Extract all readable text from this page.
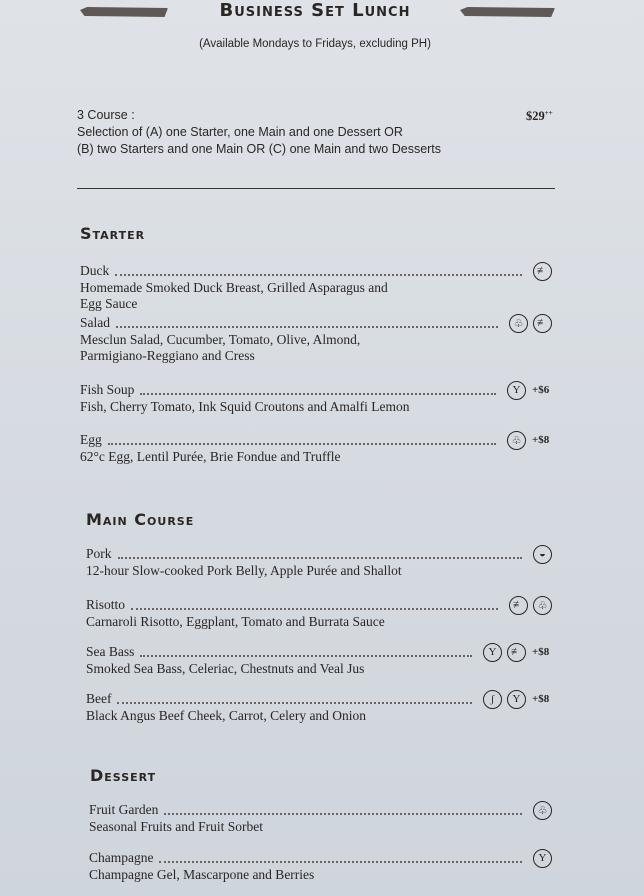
Business Set Lunch
(Available Mondays to Fridays, excluding PH)
3 Course :
Selection of (A) one Starter, one Main and one Dessert OR
(B) two Starters and one Main OR (C) one Main and two Desserts
$29++
Starter
Duck	≢
Homemade Smoked Duck Breast, Grilled Asparagus and Egg Sauce
Salad	♧	≢
Mesclun Salad, Cucumber, Tomato, Olive, Almond, Parmigiano-Reggiano and Cress
Fish Soup	Y	+$6
Fish, Cherry Tomato, Ink Squid Croutons and Amalfi Lemon
Egg	♧ +$8
62°c Egg, Lentil Purée, Brie Fondue and Truffle
Main Course
Pork	◒
12-hour Slow-cooked Pork Belly, Apple Purée and Shallot
Risotto	≢	♧
Carnaroli Risotto, Eggplant, Tomato and Burrata Sauce
Sea Bass	Y	≢ +$8
Smoked Sea Bass, Celeriac, Chestnuts and Veal Jus
Beef	ʃ	Y	+$8
Black Angus Beef Cheek, Carrot, Celery and Onion
Dessert
Fruit Garden	♧
Seasonal Fruits and Fruit Sorbet
Champagne	Y
Champagne Gel, Mascarpone and Berries
